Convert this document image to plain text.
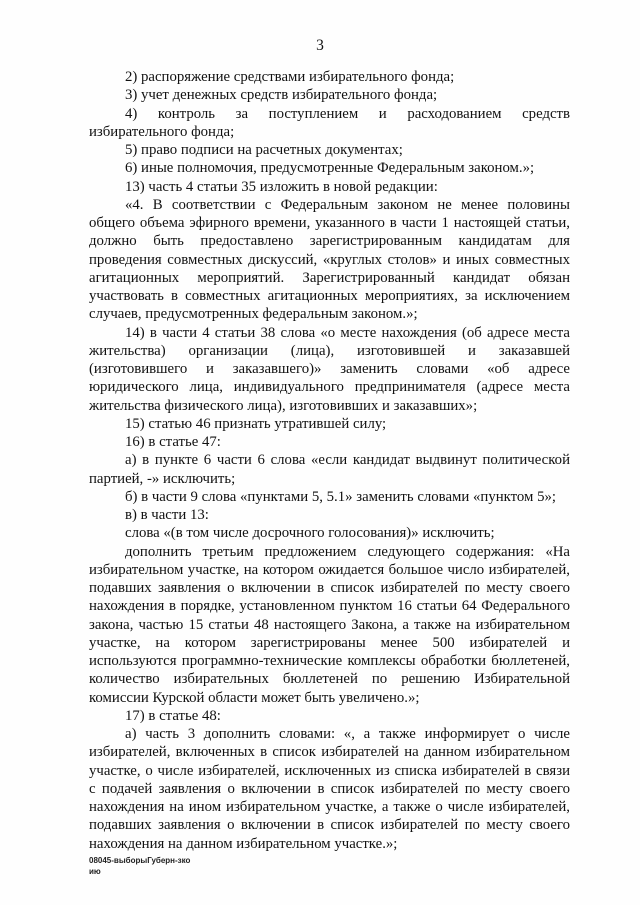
3

2) распоряжение средствами избирательного фонда;

3) учет денежных средств избирательного фонда;

4) контроль за поступлением и расходованием средств избирательного фонда;

5) право подписи на расчетных документах;

6) иные полномочия, предусмотренные Федеральным законом.»;

13) часть 4 статьи 35 изложить в новой редакции:

«4. В соответствии с Федеральным законом не менее половины общего объема эфирного времени, указанного в части 1 настоящей статьи, должно быть предоставлено зарегистрированным кандидатам для проведения совместных дискуссий, «круглых столов» и иных совместных агитационных мероприятий. Зарегистрированный кандидат обязан участвовать в совместных агитационных мероприятиях, за исключением случаев, предусмотренных федеральным законом.»;

14) в части 4 статьи 38 слова «о месте нахождения (об адресе места жительства) организации (лица), изготовившей и заказавшей (изготовившего и заказавшего)» заменить словами «об адресе юридического лица, индивидуального предпринимателя (адресе места жительства физического лица), изготовивших и заказавших»;

15) статью 46 признать утратившей силу;

16) в статье 47:

а) в пункте 6 части 6 слова «если кандидат выдвинут политической партией, -» исключить;

б) в части 9 слова «пунктами 5, 5.1» заменить словами «пунктом 5»;

в) в части 13:

слова «(в том числе досрочного голосования)» исключить;

дополнить третьим предложением следующего содержания: «На избирательном участке, на котором ожидается большое число избирателей, подавших заявления о включении в список избирателей по месту своего нахождения в порядке, установленном пунктом 16 статьи 64 Федерального закона, частью 15 статьи 48 настоящего Закона, а также на избирательном участке, на котором зарегистрированы менее 500 избирателей и используются программно-технические комплексы обработки бюллетеней, количество избирательных бюллетеней по решению Избирательной комиссии Курской области может быть увеличено.»;

17) в статье 48:

а) часть 3 дополнить словами: «, а также информирует о числе избирателей, включенных в список избирателей на данном избирательном участке, о числе избирателей, исключенных из списка избирателей в связи с подачей заявления о включении в список избирателей по месту своего нахождения на ином избирательном участке, а также о числе избирателей, подавших заявления о включении в список избирателей по месту своего нахождения на данном избирательном участке.»;

08045-выборыГуберн-зко
ию
